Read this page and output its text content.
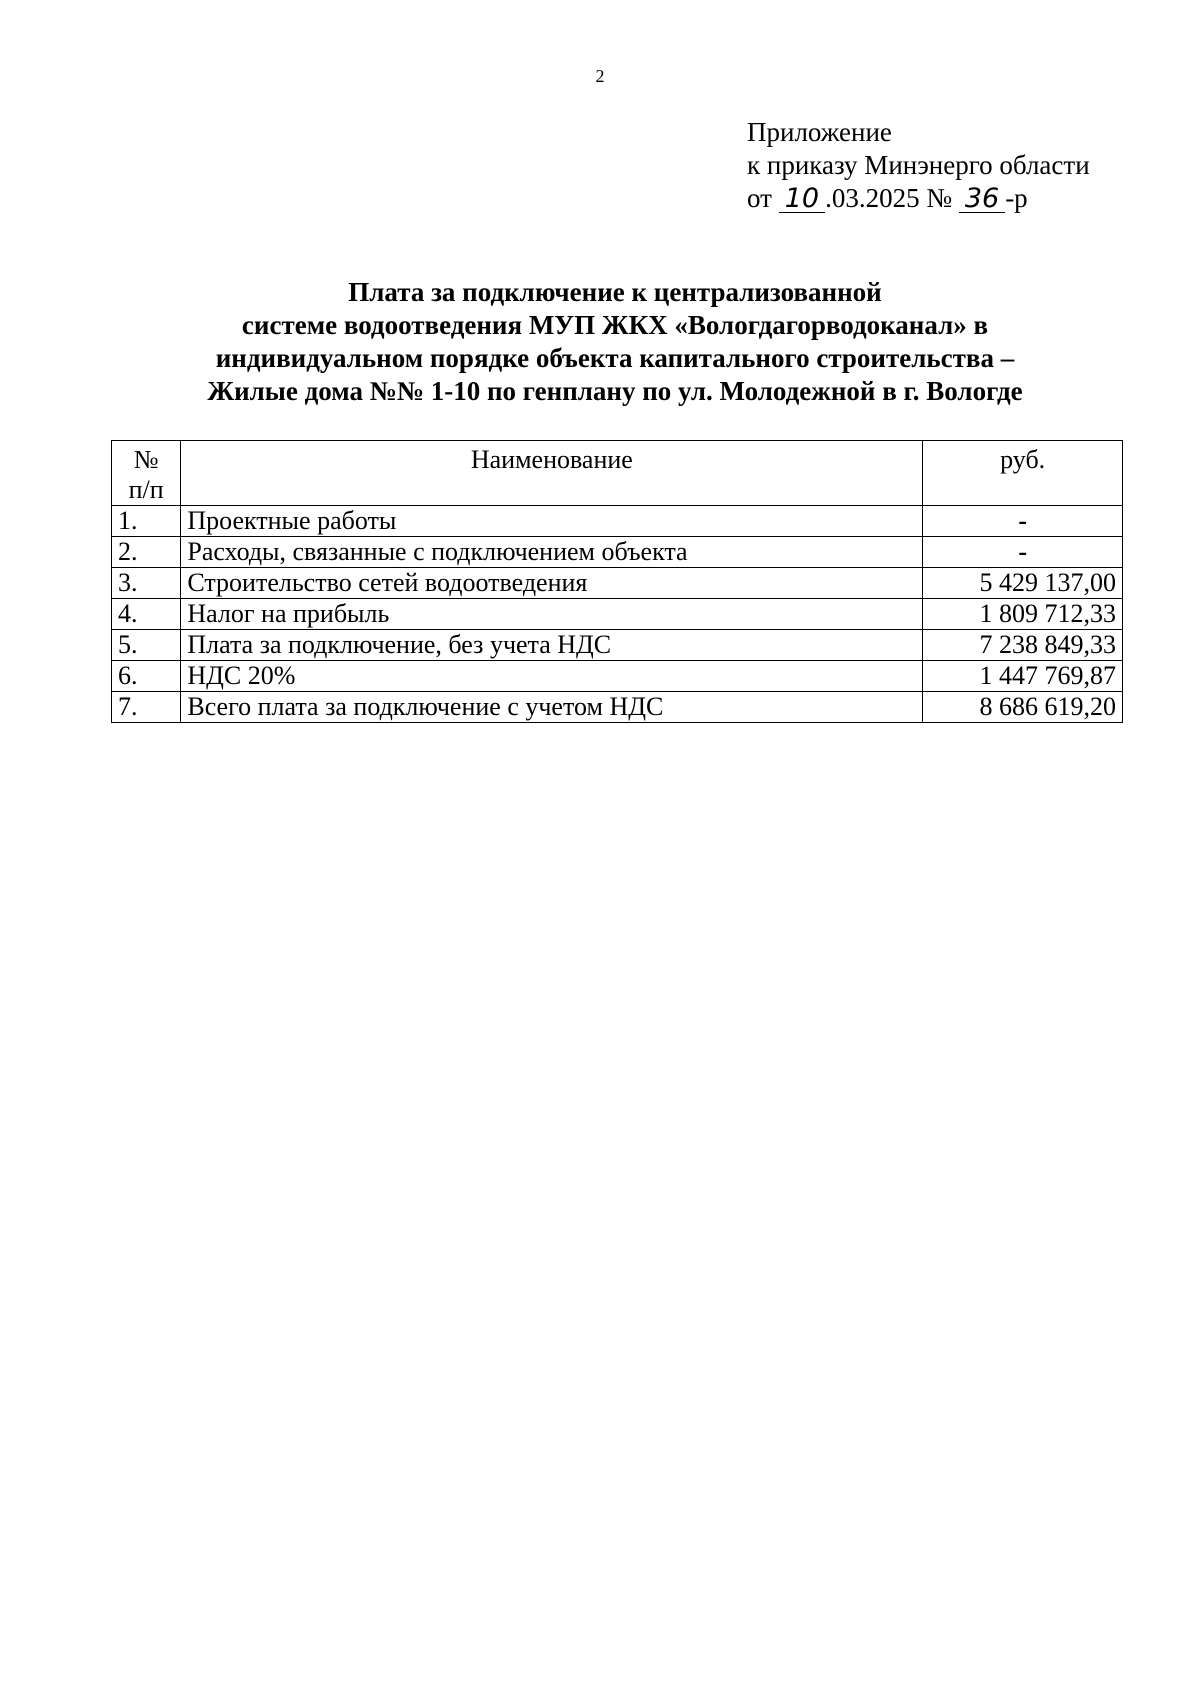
2
Приложение
к приказу Минэнерго области
от 10 .03.2025 № 36 -р
Плата за подключение к централизованной
системе водоотведения МУП ЖКХ «Вологдагорводоканал» в
индивидуальном порядке объекта капитального строительства –
Жилые дома №№ 1-10 по генплану по ул. Молодежной в г. Вологде
№
п/п	Наименование	руб.
1.	Проектные работы	-
2.	Расходы, связанные с подключением объекта	-
3.	Строительство сетей водоотведения	5 429 137,00
4.	Налог на прибыль	1 809 712,33
5.	Плата за подключение, без учета НДС	7 238 849,33
6.	НДС 20%	1 447 769,87
7.	Всего плата за подключение с учетом НДС	8 686 619,20
